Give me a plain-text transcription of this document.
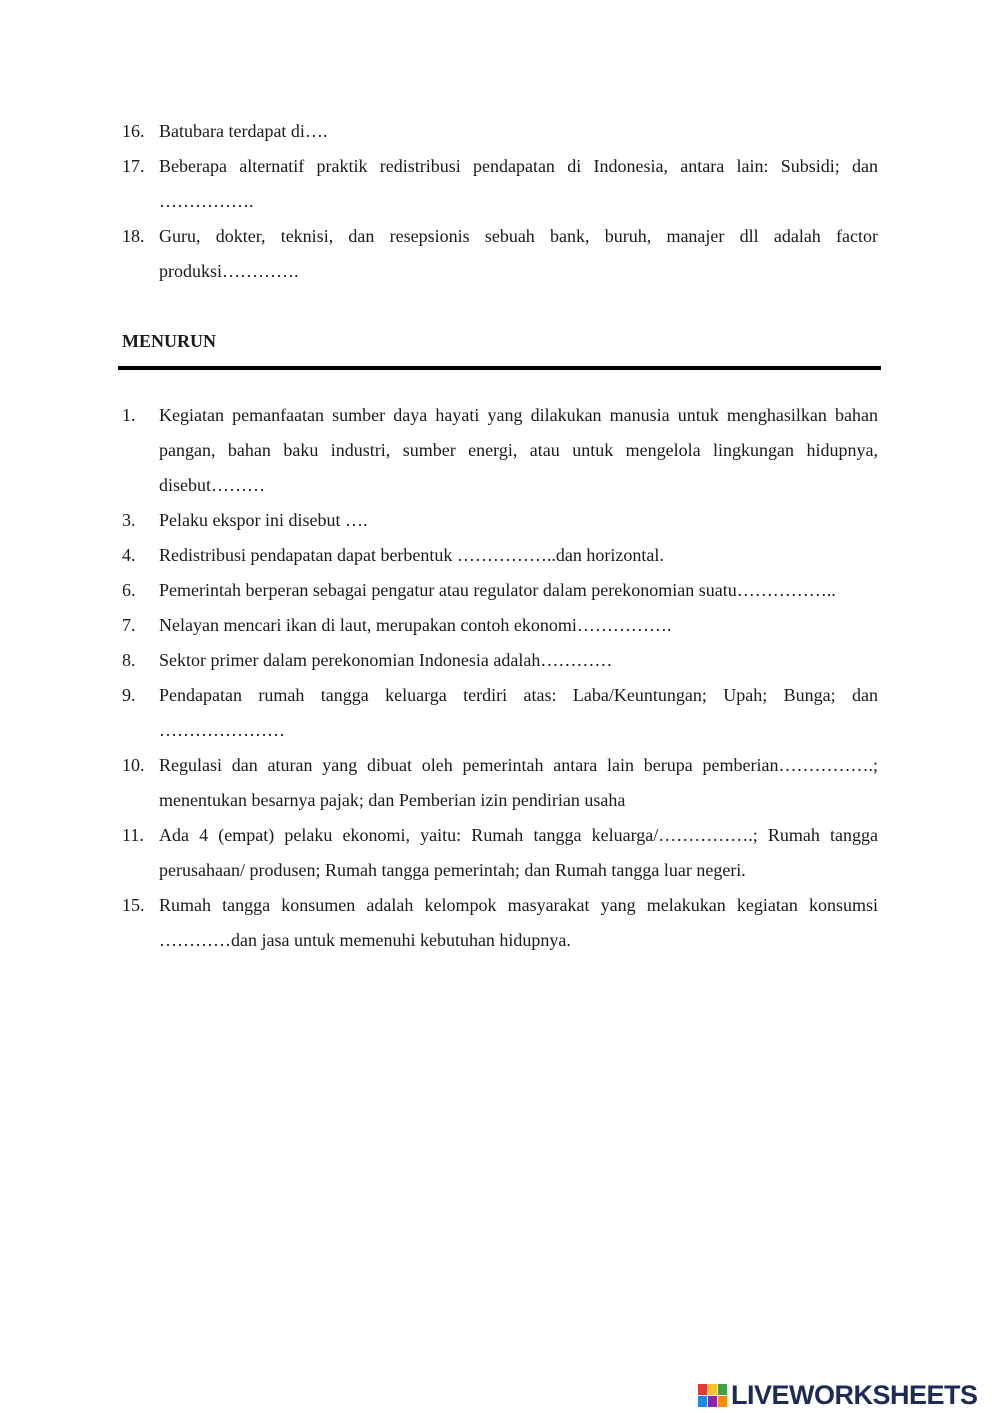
16. Batubara terdapat di….
17. Beberapa alternatif praktik redistribusi pendapatan di Indonesia, antara lain: Subsidi; dan …………….
18. Guru, dokter, teknisi, dan resepsionis sebuah bank, buruh, manajer dll adalah factor produksi………….
MENURUN
1.	Kegiatan pemanfaatan sumber daya hayati yang dilakukan manusia untuk menghasilkan bahan pangan, bahan baku industri, sumber energi, atau untuk mengelola lingkungan hidupnya, disebut………
3.	Pelaku ekspor ini disebut ….
4.	Redistribusi pendapatan dapat berbentuk ……………..dan horizontal.
6.	Pemerintah berperan sebagai pengatur atau regulator dalam perekonomian suatu……………..
7.	Nelayan mencari ikan di laut, merupakan contoh ekonomi…………….
8.	Sektor primer dalam perekonomian Indonesia adalah…………
9.	Pendapatan rumah tangga keluarga terdiri atas: Laba/Keuntungan; Upah; Bunga; dan …………………
10. Regulasi dan aturan yang dibuat oleh pemerintah antara lain berupa pemberian…………….; menentukan besarnya pajak; dan Pemberian izin pendirian usaha
11. Ada 4 (empat) pelaku ekonomi, yaitu: Rumah tangga keluarga/…………….; Rumah tangga perusahaan/ produsen; Rumah tangga pemerintah; dan Rumah tangga luar negeri.
15. Rumah tangga konsumen adalah kelompok masyarakat yang melakukan kegiatan konsumsi …………dan jasa untuk memenuhi kebutuhan hidupnya.
LIVEWORKSHEETS
